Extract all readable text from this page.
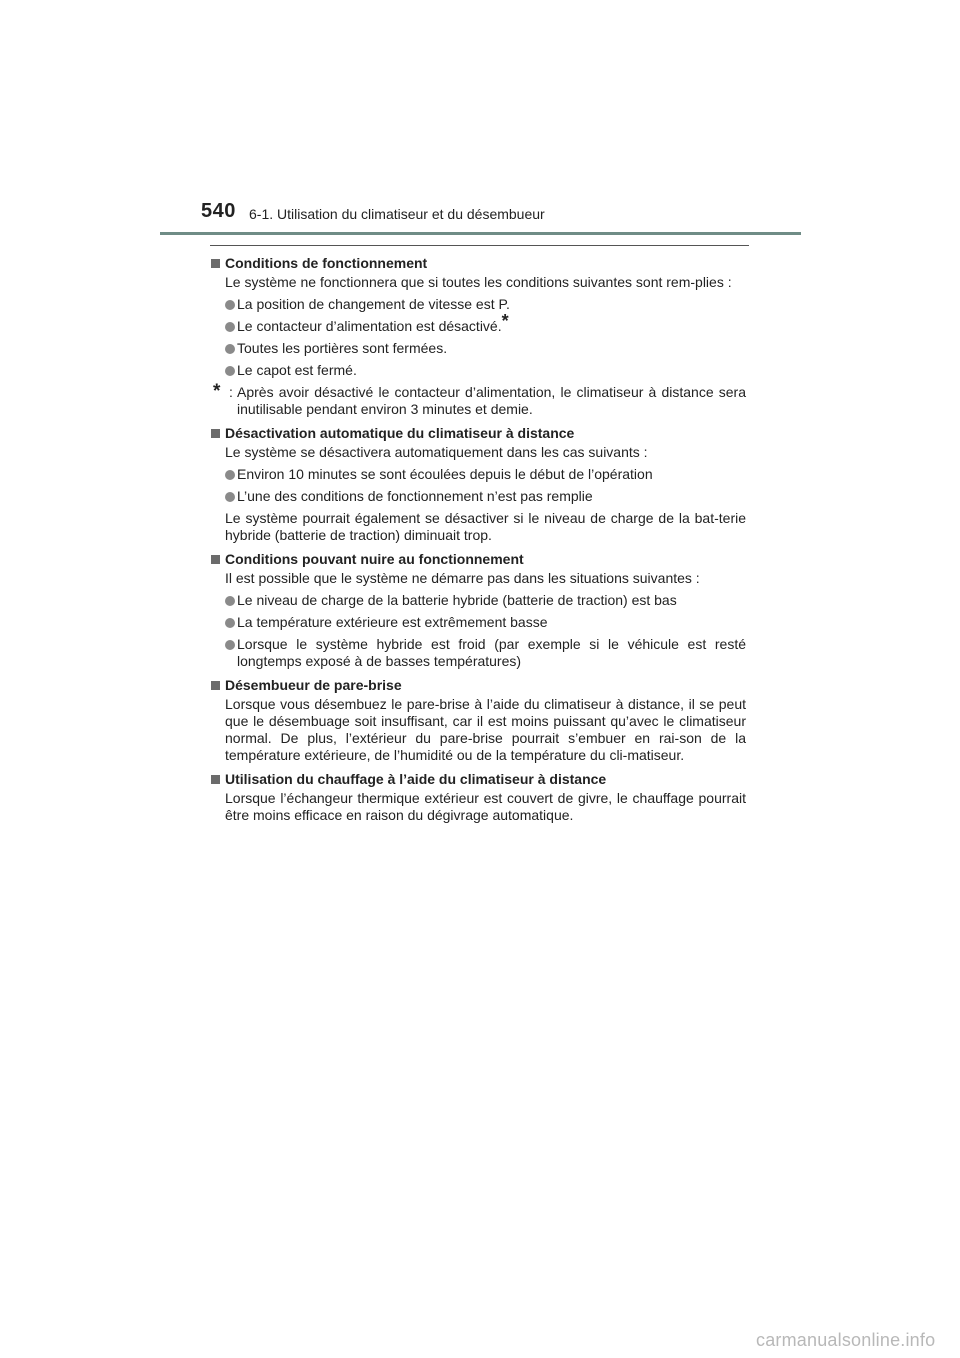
540 6-1. Utilisation du climatiseur et du désembueur
Conditions de fonctionnement
Le système ne fonctionnera que si toutes les conditions suivantes sont rem-plies :
La position de changement de vitesse est P.
Le contacteur d’alimentation est désactivé.*
Toutes les portières sont fermées.
Le capot est fermé.
* : Après avoir désactivé le contacteur d’alimentation, le climatiseur à distance sera inutilisable pendant environ 3 minutes et demie.
Désactivation automatique du climatiseur à distance
Le système se désactivera automatiquement dans les cas suivants :
Environ 10 minutes se sont écoulées depuis le début de l’opération
L’une des conditions de fonctionnement n’est pas remplie
Le système pourrait également se désactiver si le niveau de charge de la bat-terie hybride (batterie de traction) diminuait trop.
Conditions pouvant nuire au fonctionnement
Il est possible que le système ne démarre pas dans les situations suivantes :
Le niveau de charge de la batterie hybride (batterie de traction) est bas
La température extérieure est extrêmement basse
Lorsque le système hybride est froid (par exemple si le véhicule est resté longtemps exposé à de basses températures)
Désembueur de pare-brise
Lorsque vous désembuez le pare-brise à l’aide du climatiseur à distance, il se peut que le désembuage soit insuffisant, car il est moins puissant qu’avec le climatiseur normal. De plus, l’extérieur du pare-brise pourrait s’embuer en rai-son de la température extérieure, de l’humidité ou de la température du cli-matiseur.
Utilisation du chauffage à l’aide du climatiseur à distance
Lorsque l’échangeur thermique extérieur est couvert de givre, le chauffage pourrait être moins efficace en raison du dégivrage automatique.
carmanualsonline.info
